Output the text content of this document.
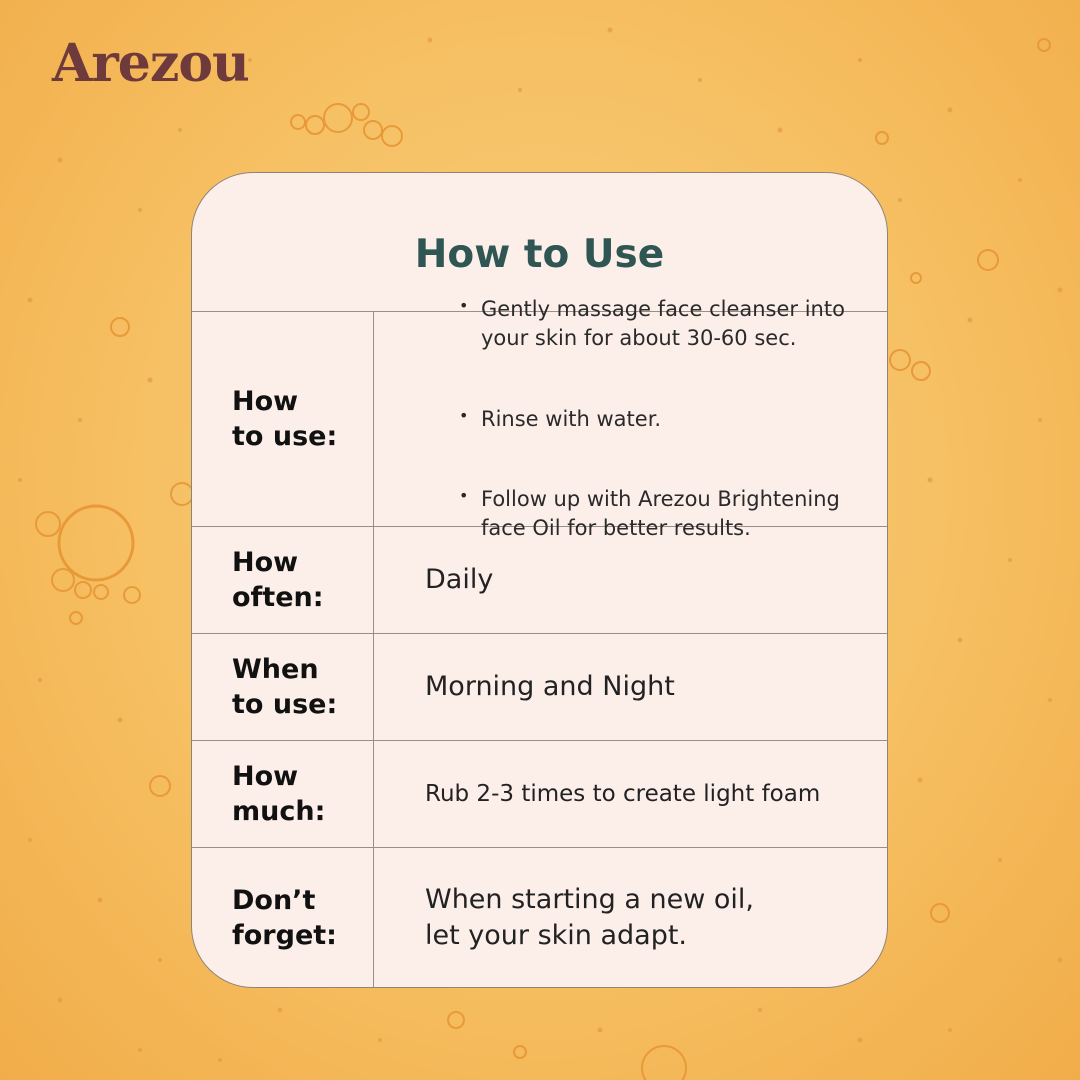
Arezou
How to Use
How
to use:

• Gently massage face cleanser into
your skin for about 30-60 sec.

• Rinse with water.

• Follow up with Arezou Brightening
face Oil for better results.

How
often:
Daily
When
to use:
Morning and Night
How
much:
Rub 2-3 times to create light foam
Don’t
forget:
When starting a new oil,
let your skin adapt.
